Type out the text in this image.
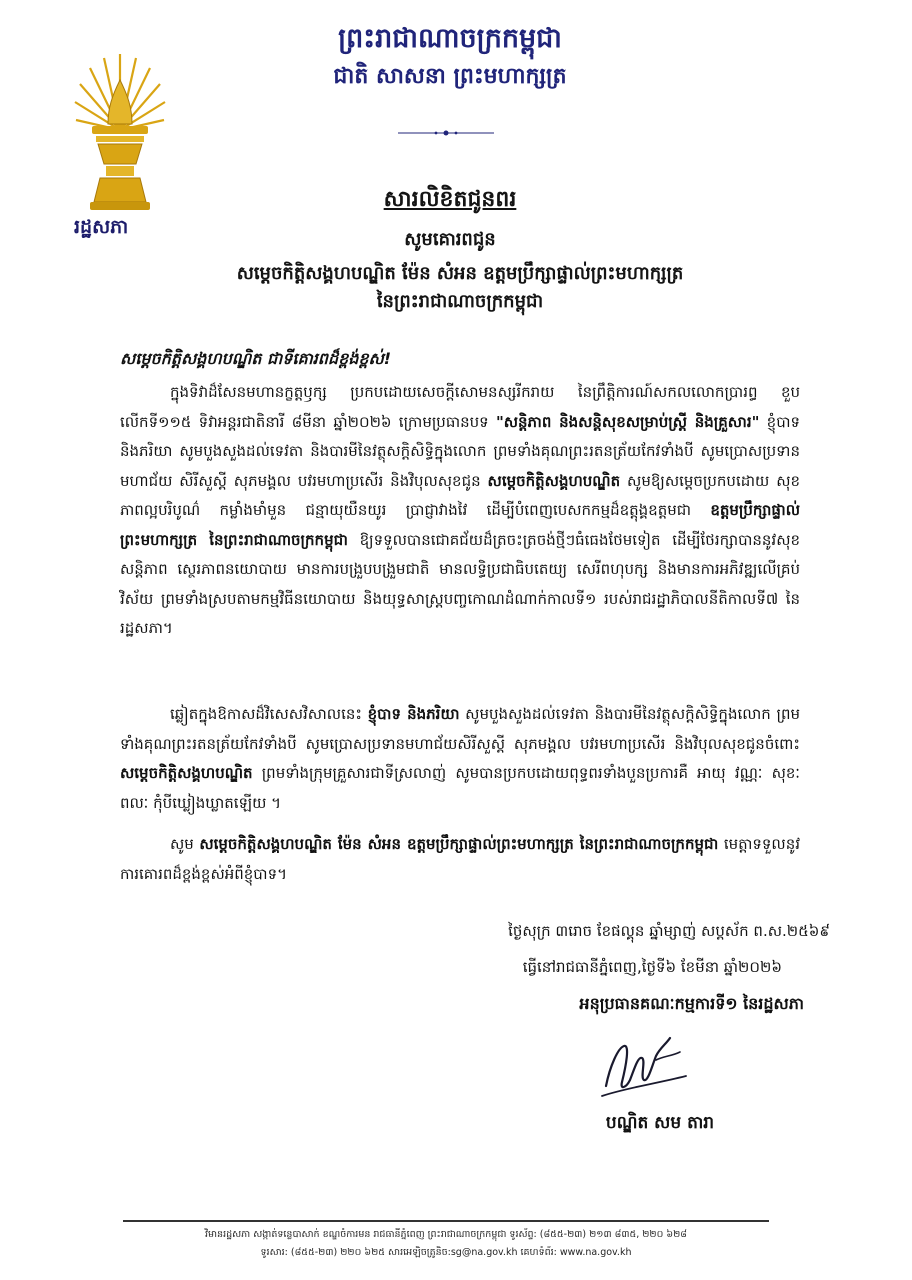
រដ្ឋសភា
ព្រះរាជាណាចក្រកម្ពុជា
ជាតិ សាសនា ព្រះមហាក្សត្រ
សារលិខិតជូនពរ
សូមគោរពជូន
សម្តេចកិត្តិសង្គហបណ្ឌិត ម៉ែន សំអន ឧត្តមប្រឹក្សាផ្ទាល់ព្រះមហាក្សត្រ
នៃព្រះរាជាណាចក្រកម្ពុជា
សម្តេចកិត្តិសង្គហបណ្ឌិត ជាទីគោរពដ៏ខ្ពង់ខ្ពស់!
ក្នុងទិវាដ៏សែនមហានក្ខត្តឫក្ស ប្រកបដោយសេចក្តីសោមនស្សរីករាយ នៃព្រឹត្តិការណ៍សកលលោកប្រារព្ធ ខួបលើកទី១១៥ ទិវាអន្តរជាតិនារី ៨មីនា ឆ្នាំ២០២៦ ក្រោមប្រធានបទ "សន្តិភាព និងសន្តិសុខសម្រាប់ស្ត្រី និងគ្រួសារ" ខ្ញុំបាទ និងភរិយា សូមបួងសួងដល់ទេវតា និងបារមីនៃវត្ថុសក្តិសិទ្ធិក្នុងលោក ព្រមទាំងគុណព្រះរតនត្រ័យកែវទាំងបី សូមប្រោសប្រទានមហាជ័យ សិរីសួស្តី សុភមង្គល បវរមហាប្រសើរ និងវិបុលសុខជូន សម្តេចកិត្តិសង្គហបណ្ឌិត សូមឱ្យសម្តេចប្រកបដោយ សុខភាពល្អបរិបូណ៌ កម្លាំងមាំមួន ជន្មាយុយឺនយូរ ប្រាជ្ញាវាងវៃ ដើម្បីបំពេញបេសកកម្មដ៏ឧត្តុង្គឧត្តមជា ឧត្តមប្រឹក្សាផ្ទាល់ព្រះមហាក្សត្រ នៃព្រះរាជាណាចក្រកម្ពុជា ឱ្យទទួលបានជោគជ័យដ៏ត្រចះត្រចង់ថ្មីៗធំធេងថែមទៀត ដើម្បីថែរក្សាបាននូវសុខសន្តិភាព ស្ថេរភាពនយោបាយ មានការបង្រួបបង្រួមជាតិ មានលទ្ធិប្រជាធិបតេយ្យ សេរីពហុបក្ស និងមានការអភិវឌ្ឍលើគ្រប់វិស័យ ព្រមទាំងស្របតាមកម្មវិធីនយោបាយ និងយុទ្ធសាស្ត្របញ្ចកោណដំណាក់កាលទី១ របស់រាជរដ្ឋាភិបាលនីតិកាលទី៧ នៃរដ្ឋសភា។
ឆ្លៀតក្នុងឱកាសដ៏វិសេសវិសាលនេះ ខ្ញុំបាទ និងភរិយា សូមបួងសួងដល់ទេវតា និងបារមីនៃវត្ថុសក្តិសិទ្ធិក្នុងលោក ព្រមទាំងគុណព្រះរតនត្រ័យកែវទាំងបី សូមប្រោសប្រទានមហាជ័យសិរីសួស្តី សុភមង្គល បវរមហាប្រសើរ និងវិបុលសុខជូនចំពោះ សម្តេចកិត្តិសង្គហបណ្ឌិត ព្រមទាំងក្រុមគ្រួសារជាទីស្រលាញ់ សូមបានប្រកបដោយពុទ្ធពរទាំងបួនប្រការគឺ អាយុ វណ្ណៈ សុខៈ ពលៈ កុំបីឃ្លៀងឃ្លាតឡើយ ។
សូម សម្តេចកិត្តិសង្គហបណ្ឌិត ម៉ែន សំអន ឧត្តមប្រឹក្សាផ្ទាល់ព្រះមហាក្សត្រ នៃព្រះរាជាណាចក្រកម្ពុជា មេត្តាទទួលនូវការគោរពដ៏ខ្ពង់ខ្ពស់អំពីខ្ញុំបាទ។
ថ្ងៃសុក្រ ៣រោច ខែផល្គុន ឆ្នាំម្សាញ់ សប្តស័ក ព.ស.២៥៦៩
ធ្វើនៅរាជធានីភ្នំពេញ,ថ្ងៃទី៦ ខែមីនា ឆ្នាំ២០២៦
អនុប្រធានគណៈកម្មការទី១ នៃរដ្ឋសភា
បណ្ឌិត សម តារា
វិមានរដ្ឋសភា សង្កាត់ទន្លេបាសាក់ ខណ្ឌចំការមន រាជធានីភ្នំពេញ ព្រះរាជាណាចក្រកម្ពុជា ទូរស័ព្ទ: (៨៥៥-២៣) ២១៣ ៨៣៥, ២២០ ៦២៨
ទូរសារ: (៨៥៥-២៣) ២២០ ៦២៥ សារអេឡិចត្រូនិច:sg@na.gov.kh គេហទំព័រ: www.na.gov.kh
